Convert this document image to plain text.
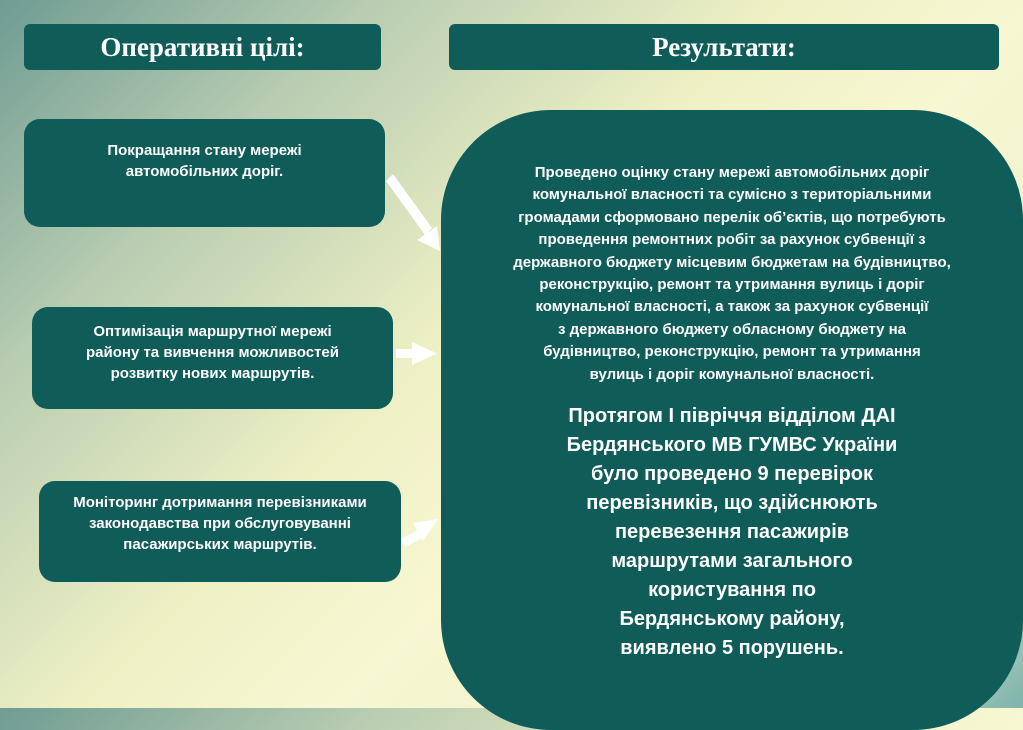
Оперативні цілі:	Результати:
Покращання стану мережі
автомобільних доріг.
Оптимізація маршрутної мережі
району та вивчення можливостей
розвитку нових маршрутів.
Моніторинг дотримання перевізниками
законодавства при обслуговуванні
пасажирських маршрутів.
Проведено оцінку стану мережі автомобільних доріг
комунальної власності та сумісно з територіальними
громадами сформовано перелік об’єктів, що потребують
проведення ремонтних робіт за рахунок субвенції з
державного бюджету місцевим бюджетам на будівництво,
реконструкцію, ремонт та утримання вулиць і доріг
комунальної власності, а також за рахунок субвенції
з державного бюджету обласному бюджету на
будівництво, реконструкцію, ремонт та утримання
вулиць і доріг комунальної власності.
Протягом I півріччя відділом ДАІ
Бердянського МВ ГУМВС України
було проведено 9 перевірок
перевізників, що здійснюють
перевезення пасажирів
маршрутами загального
користування по
Бердянському району,
виявлено 5 порушень.
